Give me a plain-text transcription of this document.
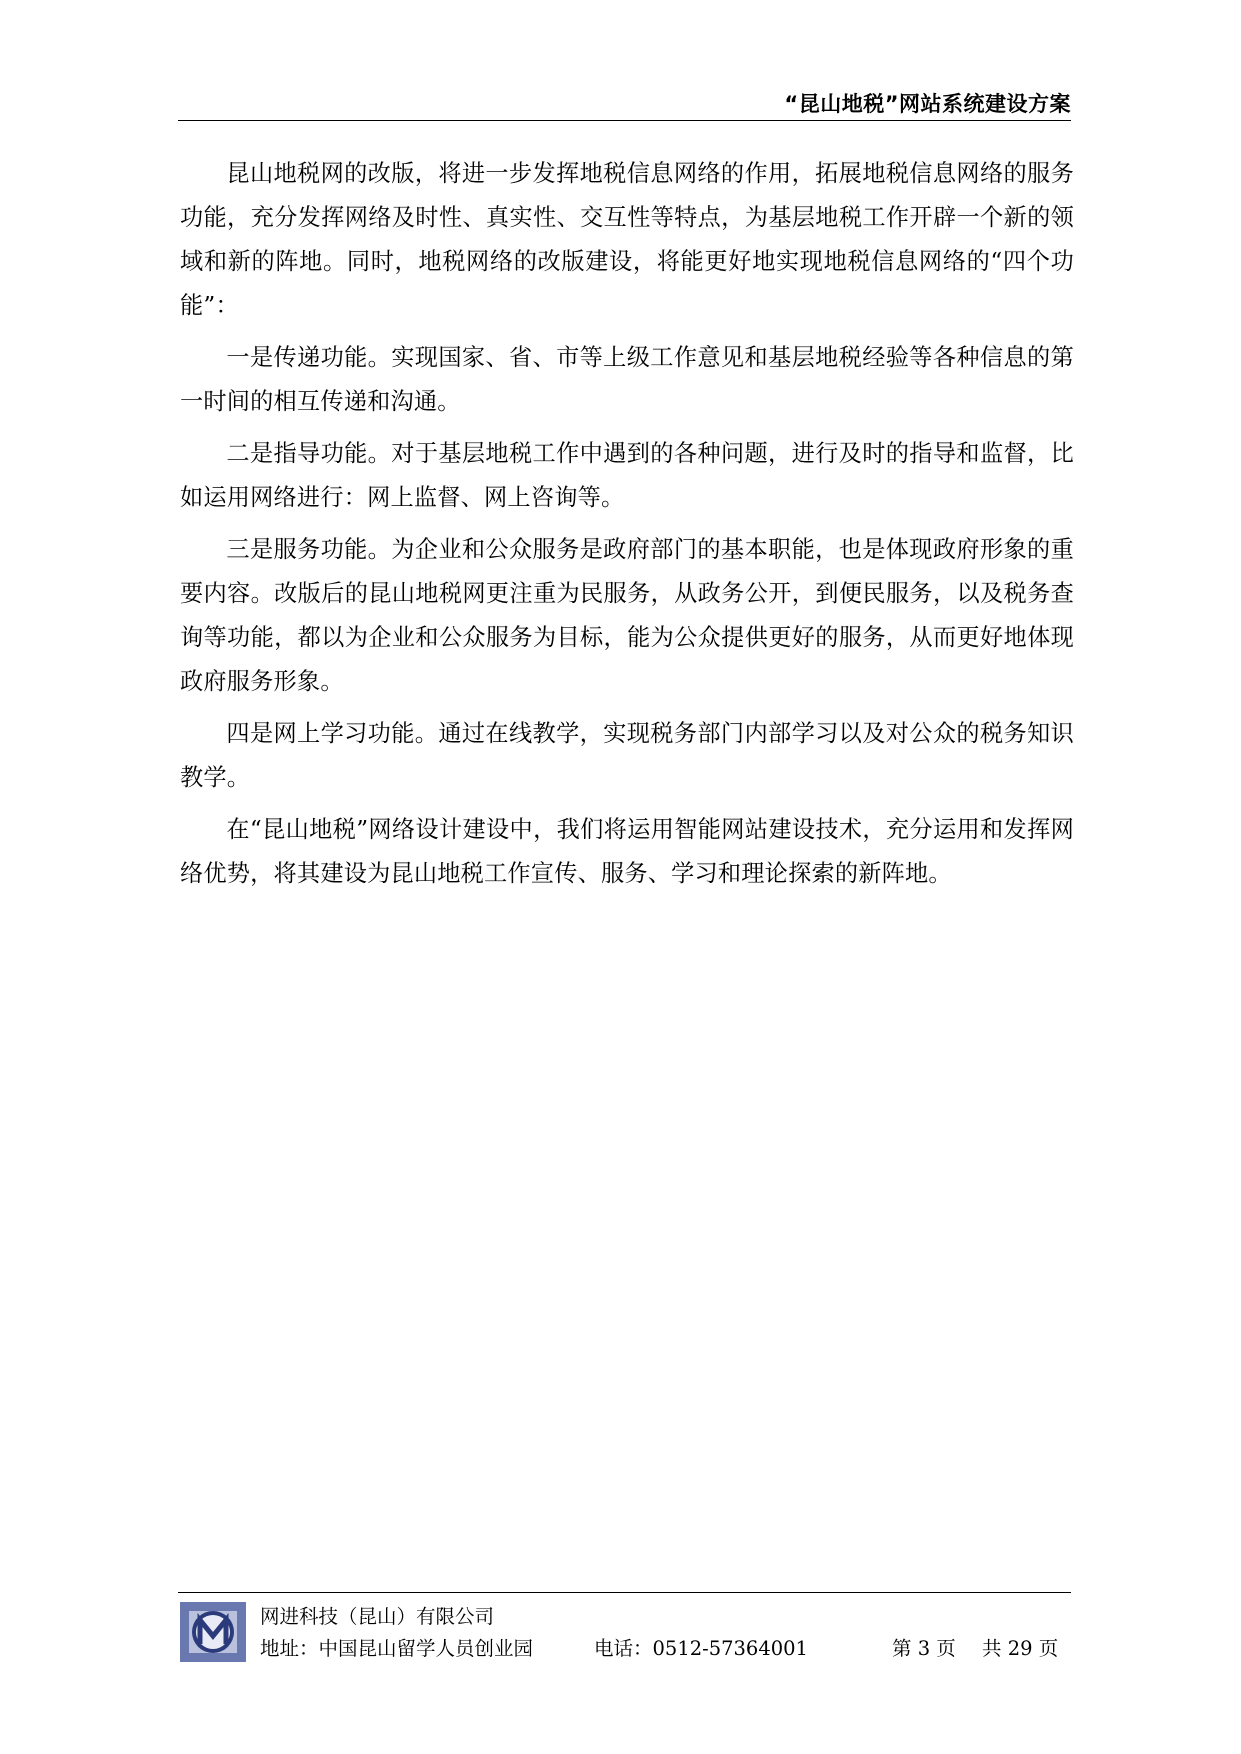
“昆山地税”网站系统建设方案

昆山地税网的改版，将进一步发挥地税信息网络的作用，拓展地税信息网络的服务功能，充分发挥网络及时性、真实性、交互性等特点，为基层地税工作开辟一个新的领域和新的阵地。同时，地税网络的改版建设，将能更好地实现地税信息网络的“四个功能”：

一是传递功能。实现国家、省、市等上级工作意见和基层地税经验等各种信息的第一时间的相互传递和沟通。

二是指导功能。对于基层地税工作中遇到的各种问题，进行及时的指导和监督，比如运用网络进行：网上监督、网上咨询等。

三是服务功能。为企业和公众服务是政府部门的基本职能，也是体现政府形象的重要内容。改版后的昆山地税网更注重为民服务，从政务公开，到便民服务，以及税务查询等功能，都以为企业和公众服务为目标，能为公众提供更好的服务，从而更好地体现政府服务形象。

四是网上学习功能。通过在线教学，实现税务部门内部学习以及对公众的税务知识教学。

在“昆山地税”网络设计建设中，我们将运用智能网站建设技术，充分运用和发挥网络优势，将其建设为昆山地税工作宣传、服务、学习和理论探索的新阵地。

网进科技（昆山）有限公司
地址：中国昆山留学人员创业园	电话：0512-57364001	第 3 页 共 29 页
